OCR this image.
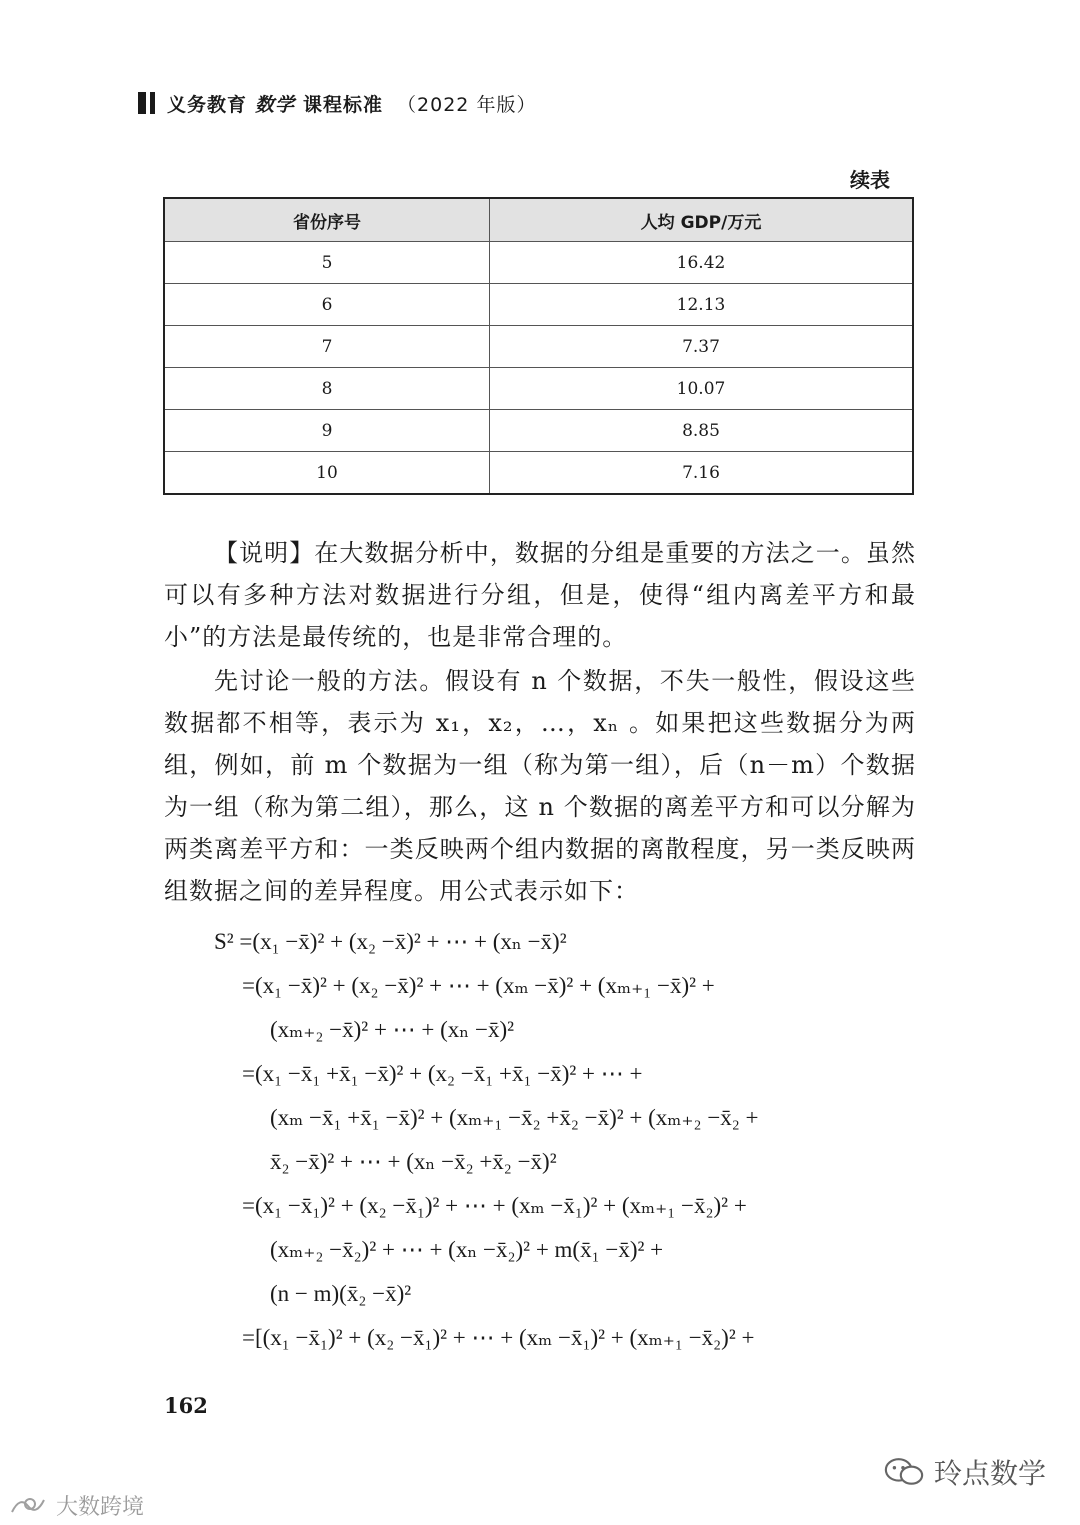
义务教育 数学 课程标准 （2022 年版）
续表
省份序号	人均 GDP/万元
5	16.42
6	12.13
7	7.37
8	10.07
9	8.85
10	7.16
【说明】在大数据分析中，数据的分组是重要的方法之一。虽然可以有多种方法对数据进行分组，但是，使得“组内离差平方和最小”的方法是最传统的，也是非常合理的。
先讨论一般的方法。假设有 n 个数据，不失一般性，假设这些数据都不相等，表示为 x₁，x₂，…，xₙ 。如果把这些数据分为两组，例如，前 m 个数据为一组（称为第一组），后（n－m）个数据为一组（称为第二组），那么，这 n 个数据的离差平方和可以分解为两类离差平方和：一类反映两个组内数据的离散程度，另一类反映两组数据之间的差异程度。用公式表示如下：
S² =(x₁ −x̄)² + (x₂ −x̄)² + ⋯ + (xₙ −x̄)²
=(x₁ −x̄)² + (x₂ −x̄)² + ⋯ + (xₘ −x̄)² + (xₘ₊₁ −x̄)² +
(xₘ₊₂ −x̄)² + ⋯ + (xₙ −x̄)²
=(x₁ −x̄₁ +x̄₁ −x̄)² + (x₂ −x̄₁ +x̄₁ −x̄)² + ⋯ +
(xₘ −x̄₁ +x̄₁ −x̄)² + (xₘ₊₁ −x̄₂ +x̄₂ −x̄)² + (xₘ₊₂ −x̄₂ +
x̄₂ −x̄)² + ⋯ + (xₙ −x̄₂ +x̄₂ −x̄)²
=(x₁ −x̄₁)² + (x₂ −x̄₁)² + ⋯ + (xₘ −x̄₁)² + (xₘ₊₁ −x̄₂)² +
(xₘ₊₂ −x̄₂)² + ⋯ + (xₙ −x̄₂)² + m(x̄₁ −x̄)² +
(n − m)(x̄₂ −x̄)²
=[(x₁ −x̄₁)² + (x₂ −x̄₁)² + ⋯ + (xₘ −x̄₁)² + (xₘ₊₁ −x̄₂)² +
162
大数跨境
玲点数学
